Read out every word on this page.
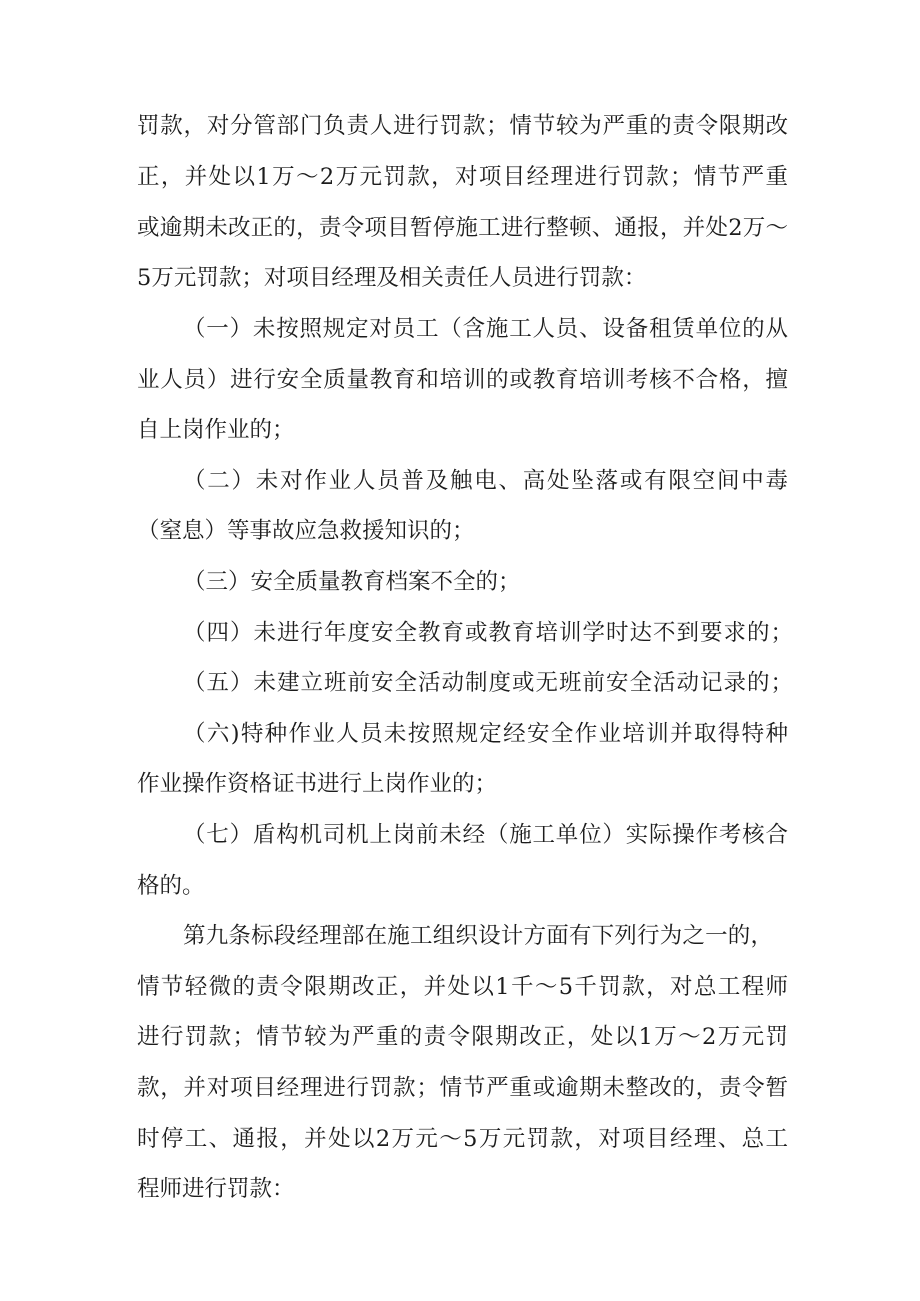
罚款，对分管部门负责人进行罚款；情节较为严重的责令限期改
正，并处以1万～2万元罚款，对项目经理进行罚款；情节严重
或逾期未改正的，责令项目暂停施工进行整顿、通报，并处2万～
5万元罚款；对项目经理及相关责任人员进行罚款：
（一）未按照规定对员工（含施工人员、设备租赁单位的从
业人员）进行安全质量教育和培训的或教育培训考核不合格，擅
自上岗作业的；
（二）未对作业人员普及触电、高处坠落或有限空间中毒
（窒息）等事故应急救援知识的；
（三）安全质量教育档案不全的；
（四）未进行年度安全教育或教育培训学时达不到要求的；
（五）未建立班前安全活动制度或无班前安全活动记录的；
（六)特种作业人员未按照规定经安全作业培训并取得特种
作业操作资格证书进行上岗作业的；
（七）盾构机司机上岗前未经（施工单位）实际操作考核合
格的。
第九条标段经理部在施工组织设计方面有下列行为之一的，
情节轻微的责令限期改正，并处以1千～5千罚款，对总工程师
进行罚款；情节较为严重的责令限期改正，处以1万～2万元罚
款，并对项目经理进行罚款；情节严重或逾期未整改的，责令暂
时停工、通报，并处以2万元～5万元罚款，对项目经理、总工
程师进行罚款：
